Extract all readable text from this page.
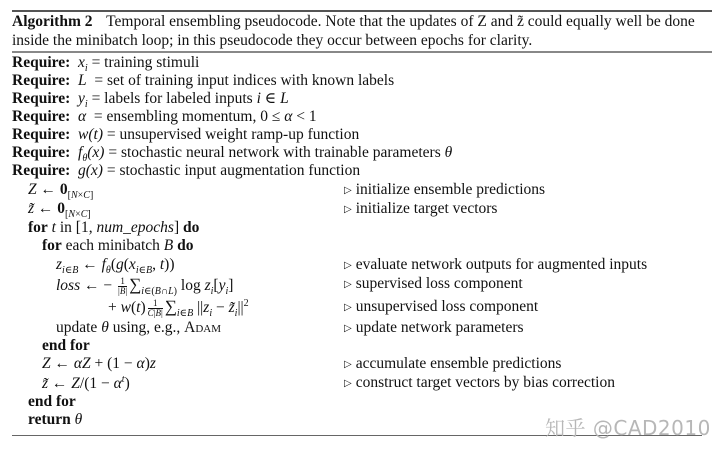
Algorithm 2 Temporal ensembling pseudocode. Note that the updates of Z and z̃ could equally well be done inside the minibatch loop; in this pseudocode they occur between epochs for clarity.
Require: $x_i$ = training stimuli
Require: L  = set of training input indices with known labels
Require: $y_i$ = labels for labeled inputs i ∈ L
Require: α  = ensembling momentum, 0 ≤ α < 1
Require: w(t) = unsupervised weight ramp-up function
Require: $f_\theta(x)$ = stochastic neural network with trainable parameters θ
Require: g(x) = stochastic input augmentation function
Z ← $0_{[N\times C]}$	▷ initialize ensemble predictions
z̃ ← $0_{[N\times C]}$	▷ initialize target vectors
for t in [1, num_epochs] do
for each minibatch B do
$z_{i\in B}$ ← $f_\theta(g(x_{i\in B}$, t))	▷ evaluate network outputs for augmented inputs
loss ← − $\frac{1}{|B|} \sum_{i\in(B\cap L)}$ $\log z_i[y_i]$	▷ supervised loss component
+ $w(t) \frac{1}{C|B|} \sum_{i\in B}$ $||z_i$ − $z̃_i||^2$	▷ unsupervised loss component
update θ using, e.g., Adam	▷ update network parameters
end for
Z ← αZ + (1 − α)z	▷ accumulate ensemble predictions
z̃ ← $Z/(1 - \alpha^t)$	▷ construct target vectors by bias correction
end for
return θ	知乎 @CAD2010
